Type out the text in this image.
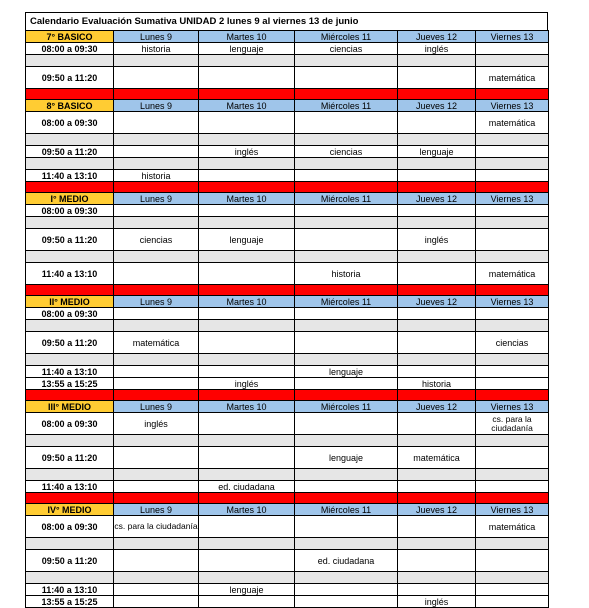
Calendario Evaluación Sumativa UNIDAD 2 lunes 9 al viernes 13 de junio
7° BASICO	Lunes 9	Martes 10	Miércoles 11	Jueves 12	Viernes 13
08:00 a 09:30	historia	lenguaje	ciencias	inglés	

09:50 a 11:20					matemática

8° BASICO	Lunes 9	Martes 10	Miércoles 11	Jueves 12	Viernes 13
08:00 a 09:30					matemática

09:50 a 11:20		inglés	ciencias	lenguaje	

11:40 a 13:10	historia				

I° MEDIO	Lunes 9	Martes 10	Miércoles 11	Jueves 12	Viernes 13
08:00 a 09:30					

09:50 a 11:20	ciencias	lenguaje		inglés	

11:40 a 13:10			historia		matemática

II° MEDIO	Lunes 9	Martes 10	Miércoles 11	Jueves 12	Viernes 13
08:00 a 09:30					

09:50 a 11:20	matemática				ciencias

11:40 a 13:10			lenguaje		
13:55 a 15:25		inglés		historia	

III° MEDIO	Lunes 9	Martes 10	Miércoles 11	Jueves 12	Viernes 13
08:00 a 09:30	inglés				cs. para la ciudadanía

09:50 a 11:20			lenguaje	matemática	

11:40 a 13:10		ed. ciudadana			

IV° MEDIO	Lunes 9	Martes 10	Miércoles 11	Jueves 12	Viernes 13
08:00 a 09:30	cs. para la ciudadanía				matemática

09:50 a 11:20			ed. ciudadana		

11:40 a 13:10		lenguaje			
13:55 a 15:25				inglés	
